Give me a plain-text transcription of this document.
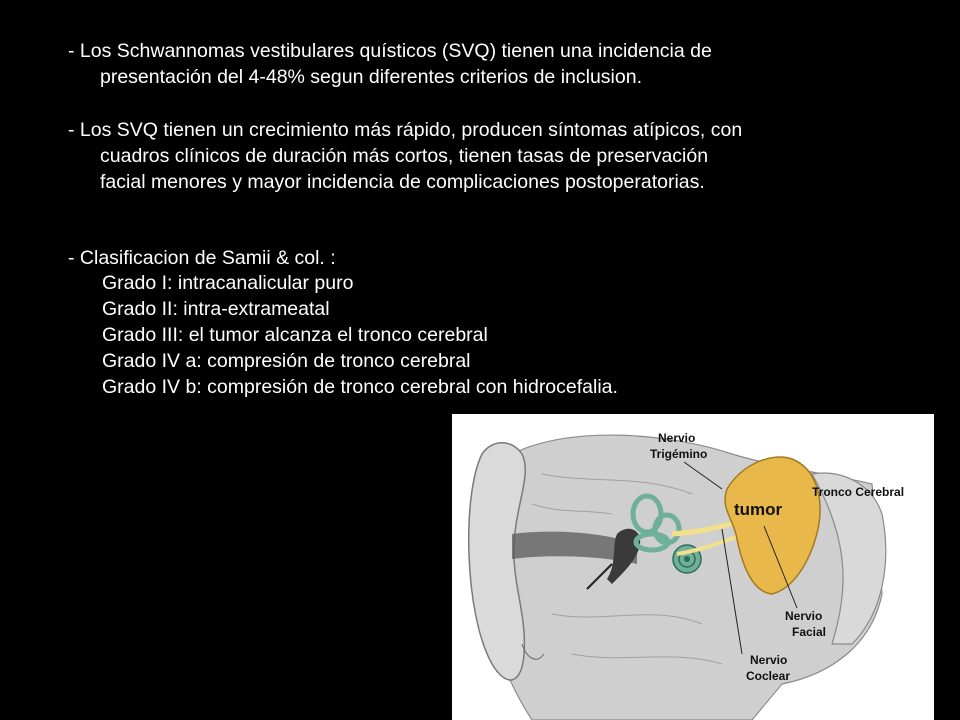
- Los Schwannomas vestibulares quísticos (SVQ) tienen una incidencia de
presentación del 4-48% segun diferentes criterios de inclusion.
- Los SVQ tienen un crecimiento más rápido, producen síntomas atípicos, con
cuadros clínicos de duración más cortos, tienen tasas de preservación
facial menores y mayor incidencia de complicaciones postoperatorias.
- Clasificacion de Samii & col. :
Grado I: intracanalicular puro
Grado II: intra-extrameatal
Grado III: el tumor alcanza el tronco cerebral
Grado IV a: compresión de tronco cerebral
Grado IV b: compresión de tronco cerebral con hidrocefalia.
Nervio
Trigémino
tumor
Tronco Cerebral
Nervio
Facial
Nervio
Coclear
